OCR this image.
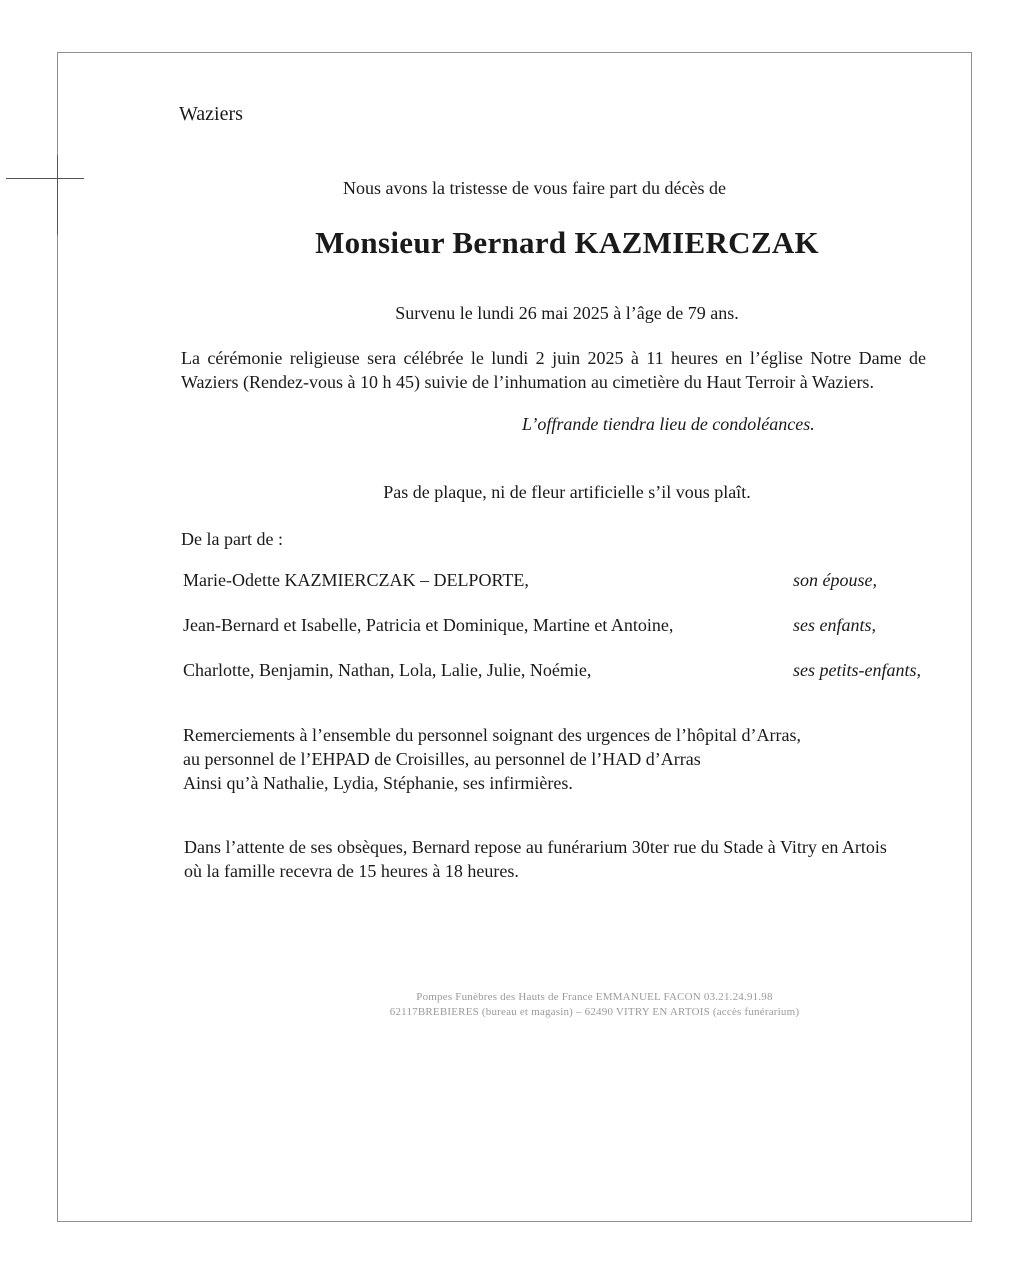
Waziers
Nous avons la tristesse de vous faire part du décès de
Monsieur Bernard KAZMIERCZAK
Survenu le lundi 26 mai 2025 à l’âge de 79 ans.
La cérémonie religieuse sera célébrée le lundi 2 juin 2025 à 11 heures en l’église Notre Dame de Waziers (Rendez-vous à 10 h 45) suivie de l’inhumation au cimetière du Haut Terroir à Waziers.
L’offrande tiendra lieu de condoléances.
Pas de plaque, ni de fleur artificielle s’il vous plaît.
De la part de :
Marie-Odette KAZMIERCZAK – DELPORTE,	son épouse,
Jean-Bernard et Isabelle, Patricia et Dominique, Martine et Antoine,	ses enfants,
Charlotte, Benjamin, Nathan, Lola, Lalie, Julie, Noémie,	ses petits-enfants,
Remerciements à l’ensemble du personnel soignant des urgences de l’hôpital d’Arras,
au personnel de l’EHPAD de Croisilles, au personnel de l’HAD d’Arras
Ainsi qu’à Nathalie, Lydia, Stéphanie, ses infirmières.
Dans l’attente de ses obsèques, Bernard repose au funérarium 30ter rue du Stade à Vitry en Artois
où la famille recevra de 15 heures à 18 heures.
Pompes Funèbres des Hauts de France EMMANUEL FACON 03.21.24.91.98
62117BREBIERES (bureau et magasin) – 62490 VITRY EN ARTOIS (accès funérarium)
